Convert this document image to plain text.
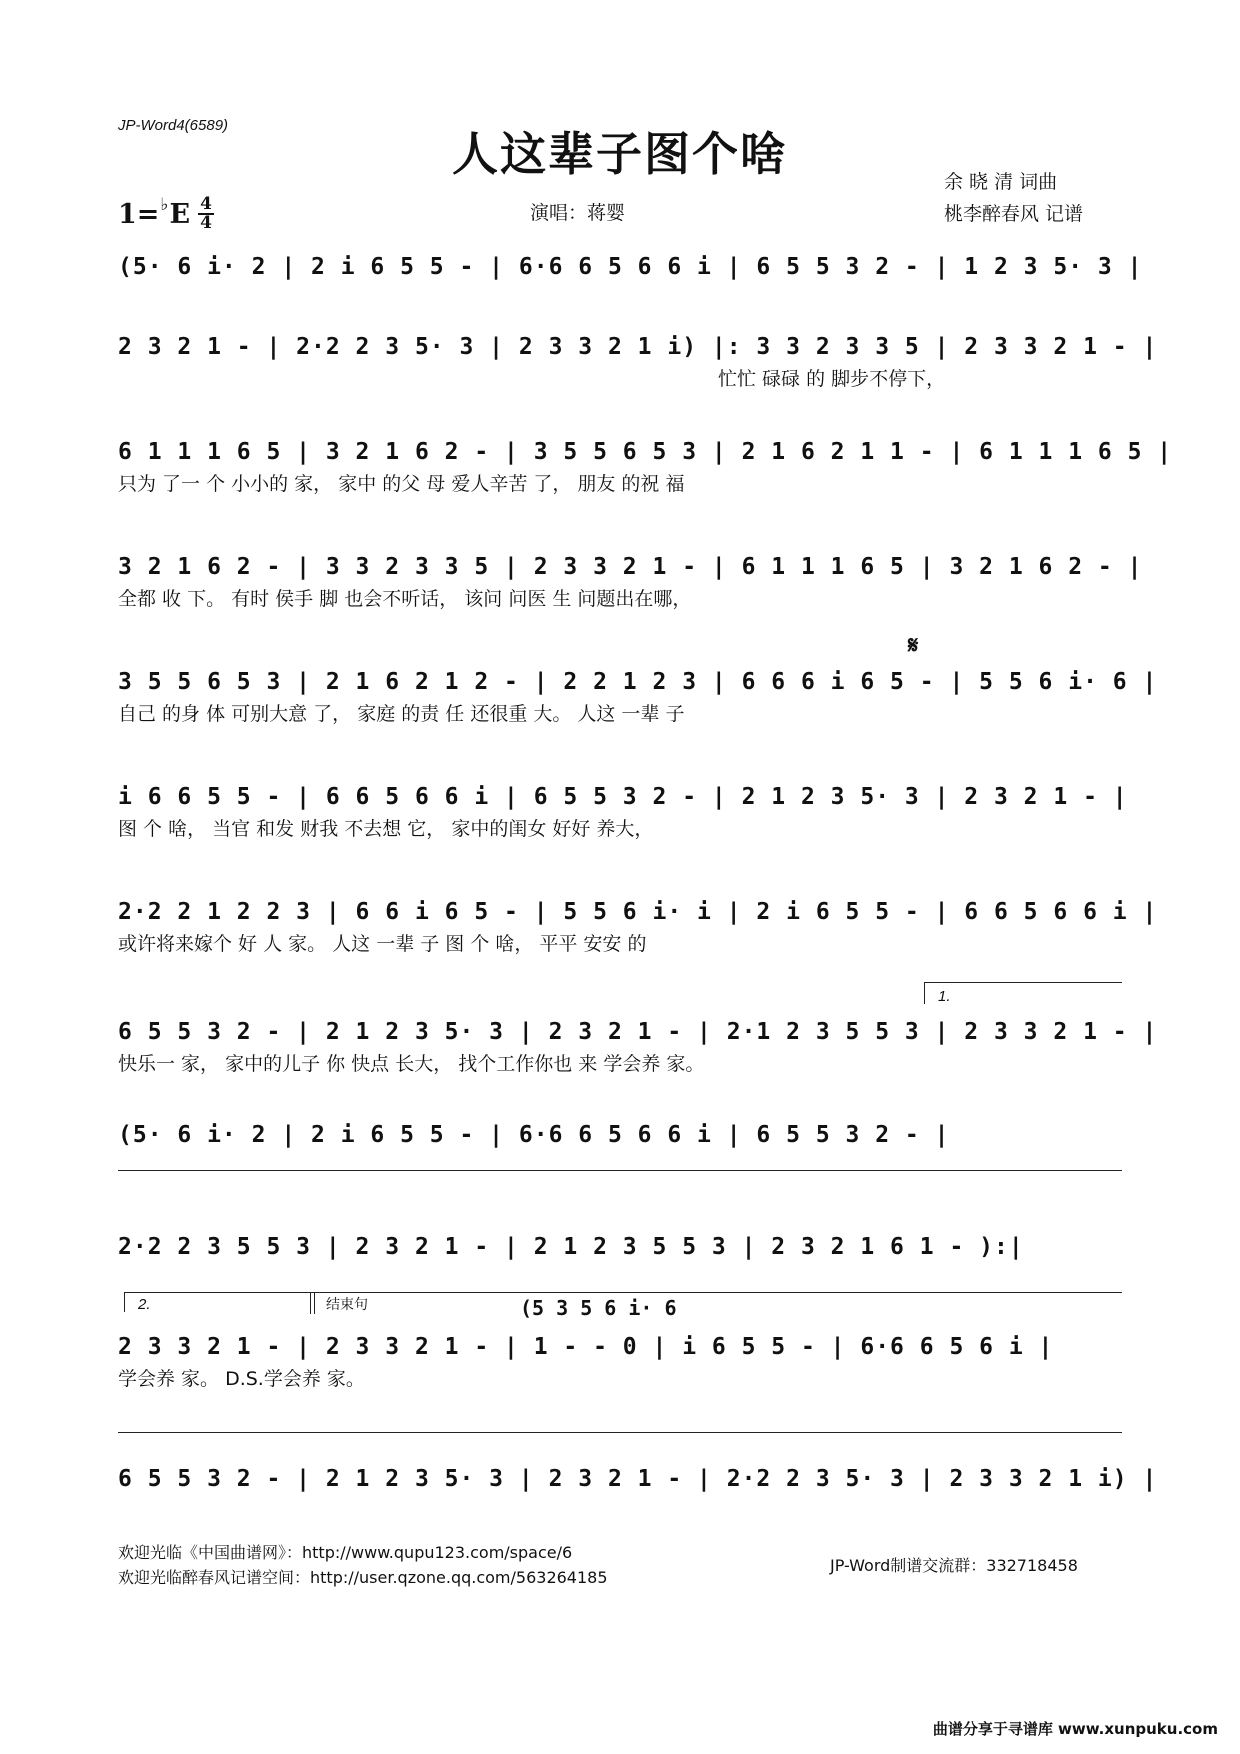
JP-Word4(6589)
人这辈子图个啥
1= ♭ E 4
4	演唱：蒋婴
余 晓 清 词曲
桃李醉春风 记谱
(5· 6 i· 2 | 2 i 6 5 5 - | 6·6 6 5 6 6 i | 6 5 5 3 2 - | 1 2 3 5· 3 |
2 3 2 1 - | 2·2 2 3 5· 3 | 2 3 3 2 1 i) |: 3 3 2 3 3 5 | 2 3 3 2 1 - |
忙忙 碌碌 的 脚步不停下，
6 1 1 1 6 5 | 3 2 1 6 2 - | 3 5 5 6 5 3 | 2 1 6 2 1 1 - | 6 1 1 1 6 5 |
只为 了一 个 小小的 家， 家中 的父 母 爱人辛苦 了， 朋友 的祝 福
3 2 1 6 2 - | 3 3 2 3 3 5 | 2 3 3 2 1 - | 6 1 1 1 6 5 | 3 2 1 6 2 - |
全都 收 下。 有时 侯手 脚 也会不听话， 该问 问医 生 问题出在哪，
𝄋
3 5 5 6 5 3 | 2 1 6 2 1 2 - | 2 2 1 2 3 | 6 6 6 i 6 5 - | 5 5 6 i· 6 |
自己 的身 体 可别大意 了， 家庭 的责 任 还很重 大。 人这 一辈 子
i 6 6 5 5 - | 6 6 5 6 6 i | 6 5 5 3 2 - | 2 1 2 3 5· 3 | 2 3 2 1 - |
图 个 啥， 当官 和发 财我 不去想 它， 家中的闺女 好好 养大，
2·2 2 1 2 2 3 | 6 6 i 6 5 - | 5 5 6 i· i | 2 i 6 5 5 - | 6 6 5 6 6 i |
或许将来嫁个 好 人 家。 人这 一辈 子 图 个 啥， 平平 安安 的
1.
6 5 5 3 2 - | 2 1 2 3 5· 3 | 2 3 2 1 - | 2·1 2 3 5 5 3 | 2 3 3 2 1 - |
快乐一 家， 家中的儿子 你 快点 长大， 找个工作你也 来 学会养 家。
(5· 6 i· 2 | 2 i 6 5 5 - | 6·6 6 5 6 6 i | 6 5 5 3 2 - |
2·2 2 3 5 5 3 | 2 3 2 1 - | 2 1 2 3 5 5 3 | 2 3 2 1 6 1 - ):|
2.	结束句	(5 3 5 6 i· 6
2 3 3 2 1 - | 2 3 3 2 1 - | 1 - - 0 | i 6 5 5 - | 6·6 6 5 6 i |
学会养 家。 D.S.学会养 家。
6 5 5 3 2 - | 2 1 2 3 5· 3 | 2 3 2 1 - | 2·2 2 3 5· 3 | 2 3 3 2 1 i) |
欢迎光临《中国曲谱网》：http://www.qupu123.com/space/6
欢迎光临醉春风记谱空间：http://user.qzone.qq.com/563264185
JP-Word制谱交流群：332718458
曲谱分享于寻谱库 www.xunpuku.com
